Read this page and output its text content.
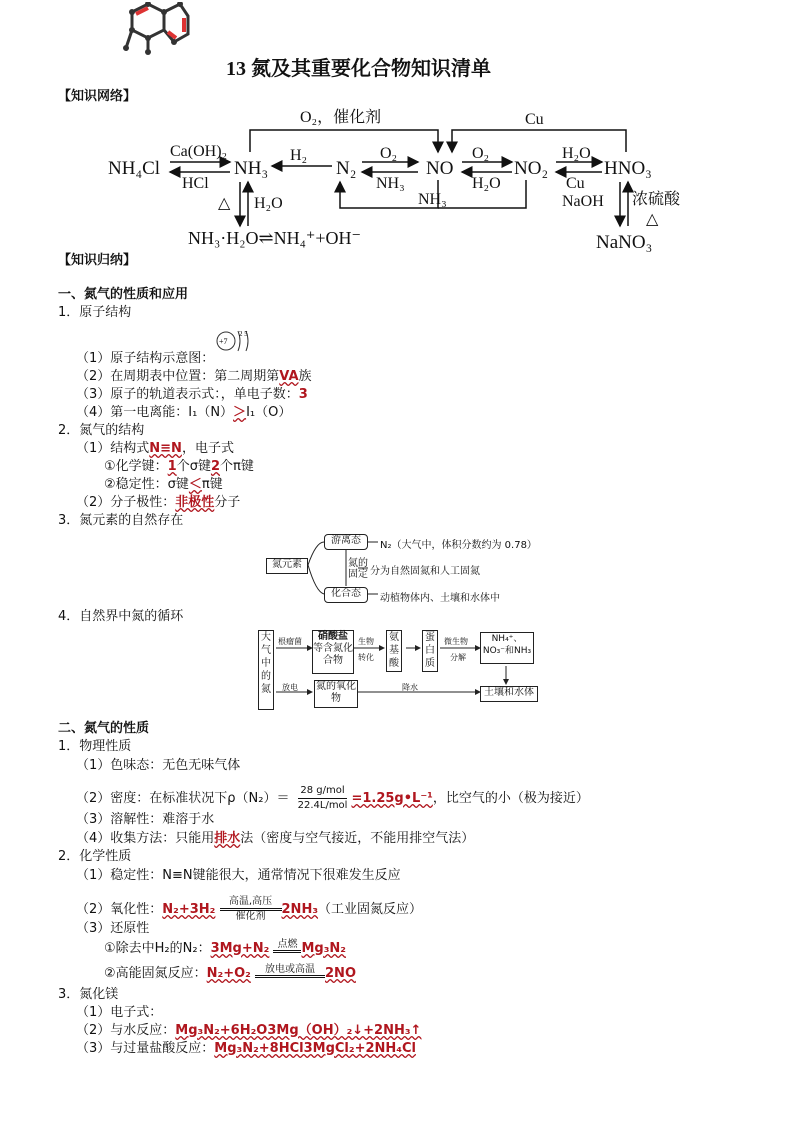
13 氮及其重要化合物知识清单
【知识网络】
O₂，催化剂	Cu
NH₄Cl
Ca(OH)₂
HCl
NH₃
H₂
N₂
O₂
NH₃
NO
O₂
H₂O
NO₂
H₂O
Cu
HNO₃
NaOH 浓硫酸
△
NaNO₃
NH₃
△ H₂O
NH₃·H₂O⇌NH₄⁺+OH⁻
【知识归纳】
一、氮气的性质和应用
1．原子结构
+7
2 5
（1）原子结构示意图：
（2）在周期表中位置：第二周期第VA族
（3）原子的轨道表示式：，单电子数：3
（4）第一电离能：I₁（N）＞I₁（O）
2．氮气的结构
（1）结构式N≡N，电子式
①化学键：1个σ键2个π键
②稳定性：σ键＜π键
（2）分子极性：非极性分子
3．氮元素的自然存在
氮元素
游离态	N₂（大气中，体积分数约为 0.78）
氮的固定 分为自然固氮和人工固氮
化合态	动植物体内、土壤和水体中
4．自然界中氮的循环
大气中的氮
根瘤菌	硝酸盐
等含氮化合物
生物
转化
氨基酸
蛋白质
微生物
分解
NH₄⁺、NO₃⁻和NH₃
放电 氮的氧化物
降水	土壤和水体
二、氮气的性质
1．物理性质
（1）色味态：无色无味气体
（2）密度：在标准状况下ρ（N₂）＝
28 g/mol
22.4L/mol =1.25g•L⁻¹，比空气的小（极为接近）
（3）溶解性：难溶于水
（4）收集方法：只能用排水法（密度与空气接近，不能用排空气法）
2．化学性质
（1）稳定性：N≡N键能很大，通常情况下很难发生反应
（2）氧化性：N₂+3H₂
高温,高压
催化剂	2NH₃（工业固氮反应）
（3）还原性
①除去中H₂的N₂：3Mg+N₂ 点燃 Mg₃N₂
②高能固氮反应：N₂+O₂ 放电或高温 2NO
3．氮化镁
（1）电子式：
（2）与水反应：Mg₃N₂+6H₂O3Mg（OH）₂↓+2NH₃↑
（3）与过量盐酸反应：Mg₃N₂+8HCl3MgCl₂+2NH₄Cl
